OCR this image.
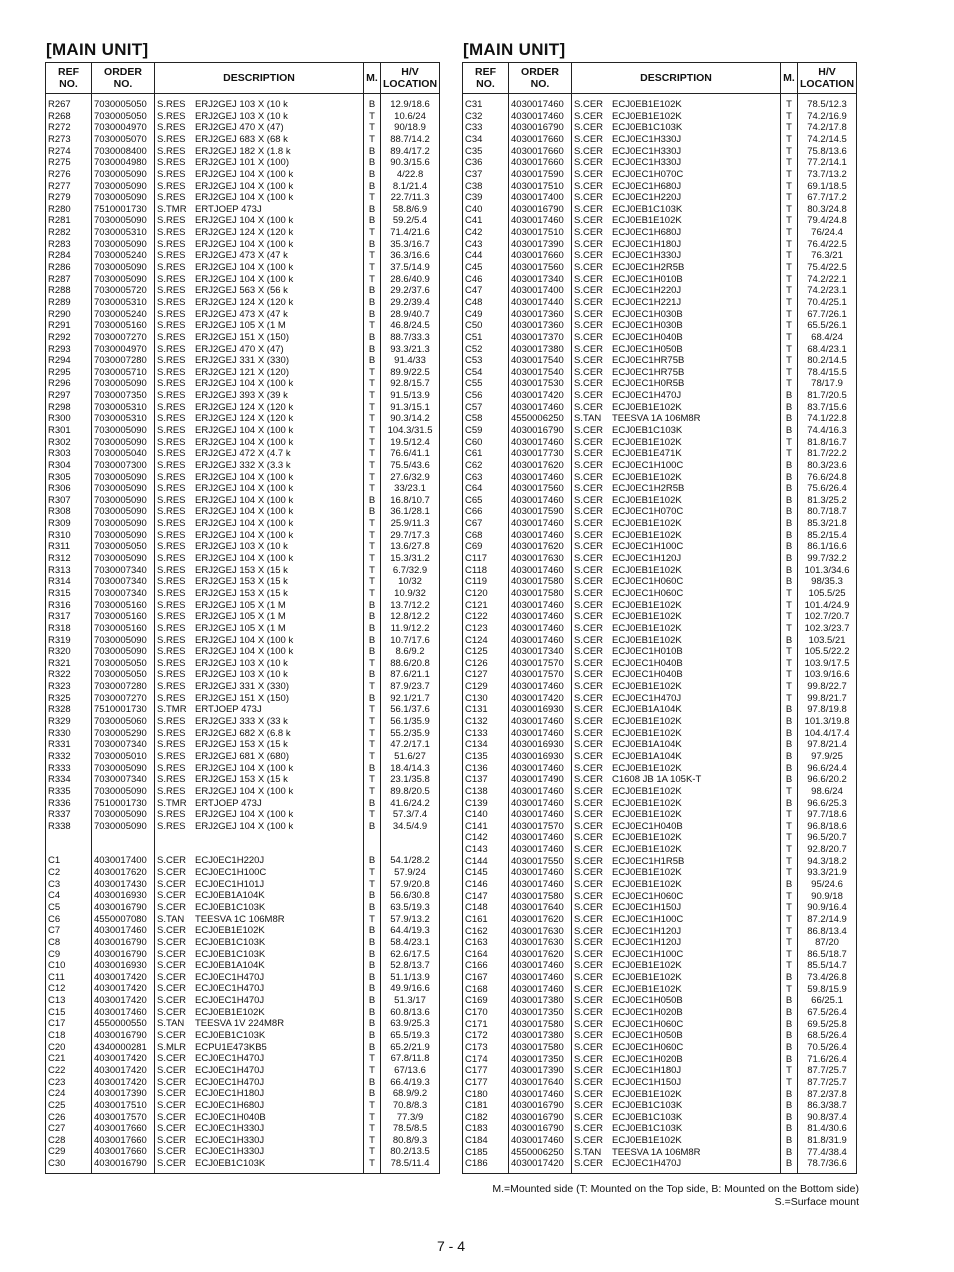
[MAIN UNIT]	[MAIN UNIT]
REF NO.	ORDER NO.	DESCRIPTION	M.	H/V LOCATION
R267	7030005050	S.RES ERJ2GEJ 103 X (10 k	B	12.9/18.6
R268	7030005050	S.RES ERJ2GEJ 103 X (10 k	T	10.6/24
R272	7030004970	S.RES ERJ2GEJ 470 X (47)	T	90/18.9
R273	7030005070	S.RES ERJ2GEJ 683 X (68 k	T	88.7/14.2
R274	7030008400	S.RES ERJ2GEJ 182 X (1.8 k	B	89.4/17.2
R275	7030004980	S.RES ERJ2GEJ 101 X (100)	B	90.3/15.6
R276	7030005090	S.RES ERJ2GEJ 104 X (100 k	B	4/22.8
R277	7030005090	S.RES ERJ2GEJ 104 X (100 k	B	8.1/21.4
R279	7030005090	S.RES ERJ2GEJ 104 X (100 k	T	22.7/11.3
R280	7510001730	S.TMR ERTJOEP 473J	B	58.8/6.9
R281	7030005090	S.RES ERJ2GEJ 104 X (100 k	B	59.2/5.4
R282	7030005310	S.RES ERJ2GEJ 124 X (120 k	T	71.4/21.6
R283	7030005090	S.RES ERJ2GEJ 104 X (100 k	B	35.3/16.7
R284	7030005240	S.RES ERJ2GEJ 473 X (47 k	T	36.3/16.6
R286	7030005090	S.RES ERJ2GEJ 104 X (100 k	T	37.5/14.9
R287	7030005090	S.RES ERJ2GEJ 104 X (100 k	T	28.6/40.9
R288	7030005720	S.RES ERJ2GEJ 563 X (56 k	B	29.2/37.6
R289	7030005310	S.RES ERJ2GEJ 124 X (120 k	B	29.2/39.4
R290	7030005240	S.RES ERJ2GEJ 473 X (47 k	B	28.9/40.7
R291	7030005160	S.RES ERJ2GEJ 105 X (1 M	T	46.8/24.5
R292	7030007270	S.RES ERJ2GEJ 151 X (150)	B	88.7/33.3
R293	7030004970	S.RES ERJ2GEJ 470 X (47)	B	93.3/21.3
R294	7030007280	S.RES ERJ2GEJ 331 X (330)	B	91.4/33
R295	7030005710	S.RES ERJ2GEJ 121 X (120)	T	89.9/22.5
R296	7030005090	S.RES ERJ2GEJ 104 X (100 k	T	92.8/15.7
R297	7030007350	S.RES ERJ2GEJ 393 X (39 k	T	91.5/13.9
R298	7030005310	S.RES ERJ2GEJ 124 X (120 k	T	91.3/15.1
R300	7030005310	S.RES ERJ2GEJ 124 X (120 k	T	90.3/14.2
R301	7030005090	S.RES ERJ2GEJ 104 X (100 k	T	104.3/31.5
R302	7030005090	S.RES ERJ2GEJ 104 X (100 k	T	19.5/12.4
R303	7030005040	S.RES ERJ2GEJ 472 X (4.7 k	T	76.6/41.1
R304	7030007300	S.RES ERJ2GEJ 332 X (3.3 k	T	75.5/43.6
R305	7030005090	S.RES ERJ2GEJ 104 X (100 k	T	27.6/32.9
R306	7030005090	S.RES ERJ2GEJ 104 X (100 k	T	33/23.1
R307	7030005090	S.RES ERJ2GEJ 104 X (100 k	B	16.8/10.7
R308	7030005090	S.RES ERJ2GEJ 104 X (100 k	B	36.1/28.1
R309	7030005090	S.RES ERJ2GEJ 104 X (100 k	T	25.9/11.3
R310	7030005090	S.RES ERJ2GEJ 104 X (100 k	T	29.7/17.3
R311	7030005050	S.RES ERJ2GEJ 103 X (10 k	T	13.6/27.8
R312	7030005090	S.RES ERJ2GEJ 104 X (100 k	T	15.3/31.2
R313	7030007340	S.RES ERJ2GEJ 153 X (15 k	T	6.7/32.9
R314	7030007340	S.RES ERJ2GEJ 153 X (15 k	T	10/32
R315	7030007340	S.RES ERJ2GEJ 153 X (15 k	T	10.9/32
R316	7030005160	S.RES ERJ2GEJ 105 X (1 M	B	13.7/12.2
R317	7030005160	S.RES ERJ2GEJ 105 X (1 M	B	12.8/12.2
R318	7030005160	S.RES ERJ2GEJ 105 X (1 M	B	11.9/12.2
R319	7030005090	S.RES ERJ2GEJ 104 X (100 k	B	10.7/17.6
R320	7030005090	S.RES ERJ2GEJ 104 X (100 k	B	8.6/9.2
R321	7030005050	S.RES ERJ2GEJ 103 X (10 k	T	88.6/20.8
R322	7030005050	S.RES ERJ2GEJ 103 X (10 k	B	87.6/21.1
R323	7030007280	S.RES ERJ2GEJ 331 X (330)	T	87.9/23.7
R325	7030007270	S.RES ERJ2GEJ 151 X (150)	B	92.1/21.7
R328	7510001730	S.TMR ERTJOEP 473J	T	56.1/37.6
R329	7030005060	S.RES ERJ2GEJ 333 X (33 k	T	56.1/35.9
R330	7030005290	S.RES ERJ2GEJ 682 X (6.8 k	T	55.2/35.9
R331	7030007340	S.RES ERJ2GEJ 153 X (15 k	T	47.2/17.1
R332	7030005010	S.RES ERJ2GEJ 681 X (680)	T	51.6/27
R333	7030005090	S.RES ERJ2GEJ 104 X (100 k	B	18.4/14.3
R334	7030007340	S.RES ERJ2GEJ 153 X (15 k	T	23.1/35.8
R335	7030005090	S.RES ERJ2GEJ 104 X (100 k	T	89.8/20.5
R336	7510001730	S.TMR ERTJOEP 473J	B	41.6/24.2
R337	7030005090	S.RES ERJ2GEJ 104 X (100 k	T	57.3/7.4
R338	7030005090	S.RES ERJ2GEJ 104 X (100 k	B	34.5/4.9

C1	4030017400	S.CER ECJ0EC1H220J	B	54.1/28.2
C2	4030017620	S.CER ECJ0EC1H100C	T	57.9/24
C3	4030017430	S.CER ECJ0EC1H101J	T	57.9/20.8
C4	4030016930	S.CER ECJ0EB1A104K	B	56.6/30.8
C5	4030016790	S.CER ECJ0EB1C103K	B	63.5/19.3
C6	4550007080	S.TAN TEESVA 1C 106M8R	T	57.9/13.2
C7	4030017460	S.CER ECJ0EB1E102K	B	64.4/19.3
C8	4030016790	S.CER ECJ0EB1C103K	B	58.4/23.1
C9	4030016790	S.CER ECJ0EB1C103K	B	62.6/17.5
C10	4030016930	S.CER ECJ0EB1A104K	B	52.8/13.7
C11	4030017420	S.CER ECJ0EC1H470J	B	51.1/13.9
C12	4030017420	S.CER ECJ0EC1H470J	B	49.9/16.6
C13	4030017420	S.CER ECJ0EC1H470J	B	51.3/17
C15	4030017460	S.CER ECJ0EB1E102K	B	60.8/13.6
C17	4550000550	S.TAN TEESVA 1V 224M8R	B	63.9/25.3
C18	4030016790	S.CER ECJ0EB1C103K	B	65.5/19.3
C20	4340000281	S.MLR ECPU1E473KB5	B	65.2/21.9
C21	4030017420	S.CER ECJ0EC1H470J	T	67.8/11.8
C22	4030017420	S.CER ECJ0EC1H470J	T	67/13.6
C23	4030017420	S.CER ECJ0EC1H470J	B	66.4/19.3
C24	4030017390	S.CER ECJ0EC1H180J	B	68.9/9.2
C25	4030017510	S.CER ECJ0EC1H680J	T	70.8/8.3
C26	4030017570	S.CER ECJ0EC1H040B	T	77.3/9
C27	4030017660	S.CER ECJ0EC1H330J	T	78.5/8.5
C28	4030017660	S.CER ECJ0EC1H330J	T	80.8/9.3
C29	4030017660	S.CER ECJ0EC1H330J	T	80.2/13.5
C30	4030016790	S.CER ECJ0EB1C103K	T	78.5/11.4
REF NO.	ORDER NO.	DESCRIPTION	M.	H/V LOCATION
C31	4030017460	S.CER ECJ0EB1E102K	T	78.5/12.3
C32	4030017460	S.CER ECJ0EB1E102K	T	74.2/16.9
C33	4030016790	S.CER ECJ0EB1C103K	T	74.2/17.8
C34	4030017660	S.CER ECJ0EC1H330J	T	74.2/14.5
C35	4030017660	S.CER ECJ0EC1H330J	T	75.8/13.6
C36	4030017660	S.CER ECJ0EC1H330J	T	77.2/14.1
C37	4030017590	S.CER ECJ0EC1H070C	T	73.7/13.2
C38	4030017510	S.CER ECJ0EC1H680J	T	69.1/18.5
C39	4030017400	S.CER ECJ0EC1H220J	T	67.7/17.2
C40	4030016790	S.CER ECJ0EB1C103K	T	80.3/24.8
C41	4030017460	S.CER ECJ0EB1E102K	T	79.4/24.8
C42	4030017510	S.CER ECJ0EC1H680J	T	76/24.4
C43	4030017390	S.CER ECJ0EC1H180J	T	76.4/22.5
C44	4030017660	S.CER ECJ0EC1H330J	T	76.3/21
C45	4030017560	S.CER ECJ0EC1H2R5B	T	75.4/22.5
C46	4030017340	S.CER ECJ0EC1H010B	T	74.2/22.1
C47	4030017400	S.CER ECJ0EC1H220J	T	74.2/23.1
C48	4030017440	S.CER ECJ0EC1H221J	T	70.4/25.1
C49	4030017360	S.CER ECJ0EC1H030B	T	67.7/26.1
C50	4030017360	S.CER ECJ0EC1H030B	T	65.5/26.1
C51	4030017370	S.CER ECJ0EC1H040B	T	68.4/24
C52	4030017380	S.CER ECJ0EC1H050B	T	68.4/23.1
C53	4030017540	S.CER ECJ0EC1HR75B	T	80.2/14.5
C54	4030017540	S.CER ECJ0EC1HR75B	T	78.4/15.5
C55	4030017530	S.CER ECJ0EC1H0R5B	T	78/17.9
C56	4030017420	S.CER ECJ0EC1H470J	B	81.7/20.5
C57	4030017460	S.CER ECJ0EB1E102K	B	83.7/15.6
C58	4550006250	S.TAN TEESVA 1A 106M8R	B	74.1/22.8
C59	4030016790	S.CER ECJ0EB1C103K	B	74.4/16.3
C60	4030017460	S.CER ECJ0EB1E102K	T	81.8/16.7
C61	4030017730	S.CER ECJ0EB1E471K	T	81.7/22.2
C62	4030017620	S.CER ECJ0EC1H100C	B	80.3/23.6
C63	4030017460	S.CER ECJ0EB1E102K	B	76.6/24.8
C64	4030017560	S.CER ECJ0EC1H2R5B	B	75.6/26.4
C65	4030017460	S.CER ECJ0EB1E102K	B	81.3/25.2
C66	4030017590	S.CER ECJ0EC1H070C	B	80.7/18.7
C67	4030017460	S.CER ECJ0EB1E102K	B	85.3/21.8
C68	4030017460	S.CER ECJ0EB1E102K	B	85.2/15.4
C69	4030017620	S.CER ECJ0EC1H100C	B	86.1/16.6
C117	4030017630	S.CER ECJ0EC1H120J	B	99.7/32.2
C118	4030017460	S.CER ECJ0EB1E102K	B	101.3/34.6
C119	4030017580	S.CER ECJ0EC1H060C	B	98/35.3
C120	4030017580	S.CER ECJ0EC1H060C	T	105.5/25
C121	4030017460	S.CER ECJ0EB1E102K	T	101.4/24.9
C122	4030017460	S.CER ECJ0EB1E102K	T	102.7/20.7
C123	4030017460	S.CER ECJ0EB1E102K	T	102.3/23.7
C124	4030017460	S.CER ECJ0EB1E102K	B	103.5/21
C125	4030017340	S.CER ECJ0EC1H010B	T	105.5/22.2
C126	4030017570	S.CER ECJ0EC1H040B	T	103.9/17.5
C127	4030017570	S.CER ECJ0EC1H040B	T	103.9/16.6
C129	4030017460	S.CER ECJ0EB1E102K	T	99.8/22.7
C130	4030017420	S.CER ECJ0EC1H470J	T	99.8/21.7
C131	4030016930	S.CER ECJ0EB1A104K	B	97.8/19.8
C132	4030017460	S.CER ECJ0EB1E102K	B	101.3/19.8
C133	4030017460	S.CER ECJ0EB1E102K	B	104.4/17.4
C134	4030016930	S.CER ECJ0EB1A104K	B	97.8/21.4
C135	4030016930	S.CER ECJ0EB1A104K	B	97.9/25
C136	4030017460	S.CER ECJ0EB1E102K	B	96.6/24.4
C137	4030017490	S.CER C1608 JB 1A 105K-T	B	96.6/20.2
C138	4030017460	S.CER ECJ0EB1E102K	T	98.6/24
C139	4030017460	S.CER ECJ0EB1E102K	B	96.6/25.3
C140	4030017460	S.CER ECJ0EB1E102K	T	97.7/18.6
C141	4030017570	S.CER ECJ0EC1H040B	T	96.8/18.6
C142	4030017460	S.CER ECJ0EB1E102K	T	96.5/20.7
C143	4030017460	S.CER ECJ0EB1E102K	T	92.8/20.7
C144	4030017550	S.CER ECJ0EC1H1R5B	T	94.3/18.2
C145	4030017460	S.CER ECJ0EB1E102K	T	93.3/21.9
C146	4030017460	S.CER ECJ0EB1E102K	B	95/24.6
C147	4030017580	S.CER ECJ0EC1H060C	T	90.9/18
C148	4030017640	S.CER ECJ0EC1H150J	T	90.9/16.4
C161	4030017620	S.CER ECJ0EC1H100C	T	87.2/14.9
C162	4030017630	S.CER ECJ0EC1H120J	T	86.8/13.4
C163	4030017630	S.CER ECJ0EC1H120J	T	87/20
C164	4030017620	S.CER ECJ0EC1H100C	T	86.5/18.7
C166	4030017460	S.CER ECJ0EB1E102K	T	85.5/14.7
C167	4030017460	S.CER ECJ0EB1E102K	B	73.4/26.8
C168	4030017460	S.CER ECJ0EB1E102K	T	59.8/15.9
C169	4030017380	S.CER ECJ0EC1H050B	B	66/25.1
C170	4030017350	S.CER ECJ0EC1H020B	B	67.5/26.4
C171	4030017580	S.CER ECJ0EC1H060C	B	69.5/25.8
C172	4030017380	S.CER ECJ0EC1H050B	B	68.5/26.4
C173	4030017580	S.CER ECJ0EC1H060C	B	70.5/26.4
C174	4030017350	S.CER ECJ0EC1H020B	B	71.6/26.4
C177	4030017390	S.CER ECJ0EC1H180J	T	87.7/25.7
C177	4030017640	S.CER ECJ0EC1H150J	T	87.7/25.7
C180	4030017460	S.CER ECJ0EB1E102K	B	87.2/37.8
C181	4030016790	S.CER ECJ0EB1C103K	B	86.3/38.7
C182	4030016790	S.CER ECJ0EB1C103K	B	90.8/37.4
C183	4030016790	S.CER ECJ0EB1C103K	B	81.4/30.6
C184	4030017460	S.CER ECJ0EB1E102K	B	81.8/31.9
C185	4550006250	S.TAN TEESVA 1A 106M8R	B	77.4/38.4
C186	4030017420	S.CER ECJ0EC1H470J	B	78.7/36.6
M.=Mounted side (T: Mounted on the Top side, B: Mounted on the Bottom side)
S.=Surface mount
7 - 4
